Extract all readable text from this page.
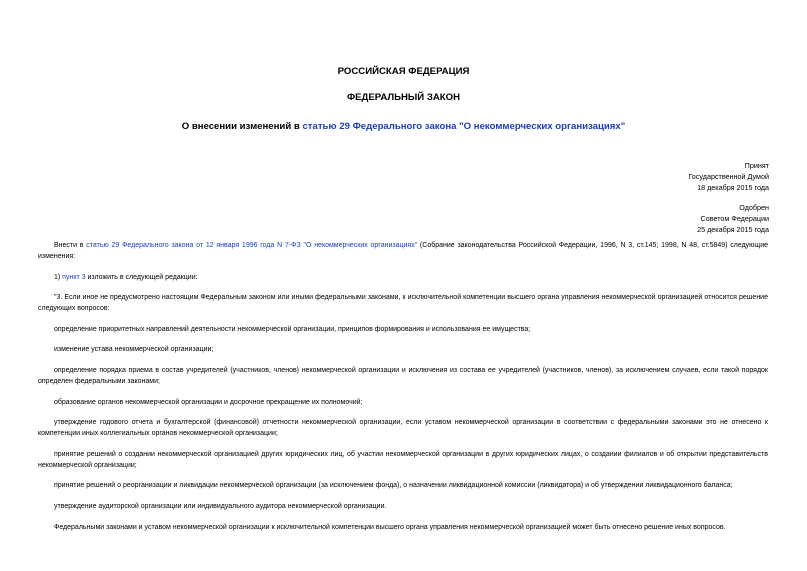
РОССИЙСКАЯ ФЕДЕРАЦИЯ
ФЕДЕРАЛЬНЫЙ ЗАКОН
О внесении изменений в статью 29 Федерального закона "О некоммерческих организациях"
Принят
Государственной Думой
18 декабря 2015 года
Одобрен
Советом Федерации
25 декабря 2015 года
Внести в статью 29 Федерального закона от 12 января 1996 года N 7-ФЗ "О некоммерческих организациях" (Собрание законодательства Российской Федерации, 1996, N 3, ст.145; 1998, N 48, ст.5849) следующие изменения:
1) пункт 3 изложить в следующей редакции:
"3. Если иное не предусмотрено настоящим Федеральным законом или иными федеральными законами, к исключительной компетенции высшего органа управления некоммерческой организацией относится решение следующих вопросов:
определение приоритетных направлений деятельности некоммерческой организации, принципов формирования и использования ее имущества;
изменение устава некоммерческой организации;
определение порядка приема в состав учредителей (участников, членов) некоммерческой организации и исключения из состава ее учредителей (участников, членов), за исключением случаев, если такой порядок определен федеральными законами;
образование органов некоммерческой организации и досрочное прекращение их полномочий;
утверждение годового отчета и бухгалтерской (финансовой) отчетности некоммерческой организации, если уставом некоммерческой организации в соответствии с федеральными законами это не отнесено к компетенции иных коллегиальных органов некоммерческой организации;
принятие решений о создании некоммерческой организацией других юридических лиц, об участии некоммерческой организации в других юридических лицах, о создании филиалов и об открытии представительств некоммерческой организации;
принятие решений о реорганизации и ликвидации некоммерческой организации (за исключением фонда), о назначении ликвидационной комиссии (ликвидатора) и об утверждении ликвидационного баланса;
утверждение аудиторской организации или индивидуального аудитора некоммерческой организации.
Федеральными законами и уставом некоммерческой организации к исключительной компетенции высшего органа управления некоммерческой организацией может быть отнесено решение иных вопросов.
